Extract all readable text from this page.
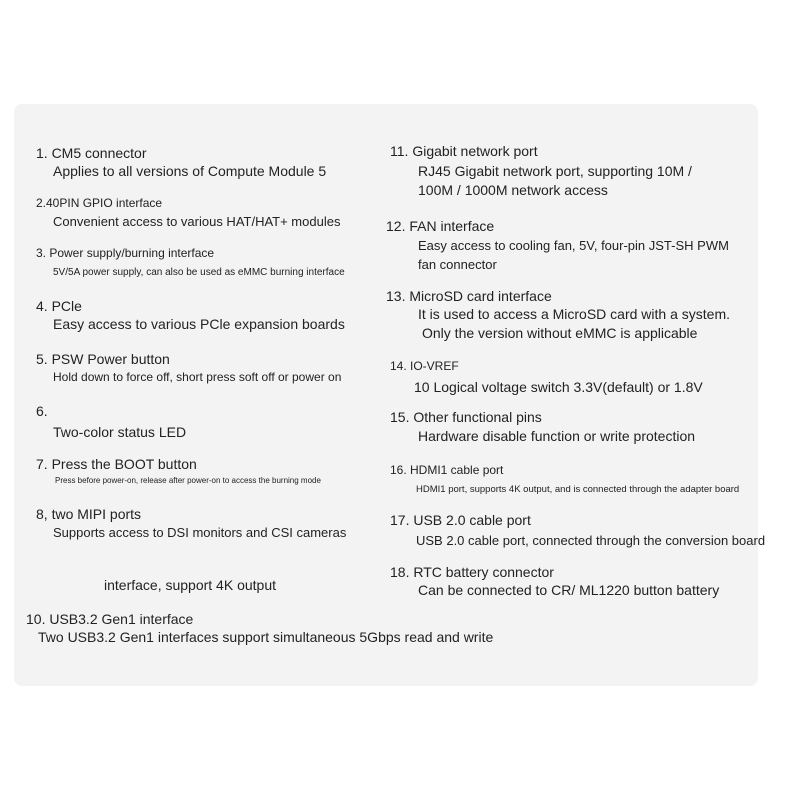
1. CM5 connector
Applies to all versions of Compute Module 5
2.40PIN GPIO interface
Convenient access to various HAT/HAT+ modules
3. Power supply/burning interface
5V/5A power supply, can also be used as eMMC burning interface
4. PCle
Easy access to various PCle expansion boards
5. PSW Power button
Hold down to force off, short press soft off or power on
6.
Two-color status LED
7. Press the BOOT button
Press before power-on, release after power-on to access the burning mode
8, two MIPI ports
Supports access to DSI monitors and CSI cameras
interface, support 4K output
10. USB3.2 Gen1 interface
Two USB3.2 Gen1 interfaces support simultaneous 5Gbps read and write
11. Gigabit network port
RJ45 Gigabit network port, supporting 10M /
100M / 1000M network access
12. FAN interface
Easy access to cooling fan, 5V, four-pin JST-SH PWM
fan connector
13. MicroSD card interface
It is used to access a MicroSD card with a system.
Only the version without eMMC is applicable
14. IO-VREF
10 Logical voltage switch 3.3V(default) or 1.8V
15. Other functional pins
Hardware disable function or write protection
16. HDMI1 cable port
HDMI1 port, supports 4K output, and is connected through the adapter board
17. USB 2.0 cable port
USB 2.0 cable port, connected through the conversion board
18. RTC battery connector
Can be connected to CR/ ML1220 button battery
